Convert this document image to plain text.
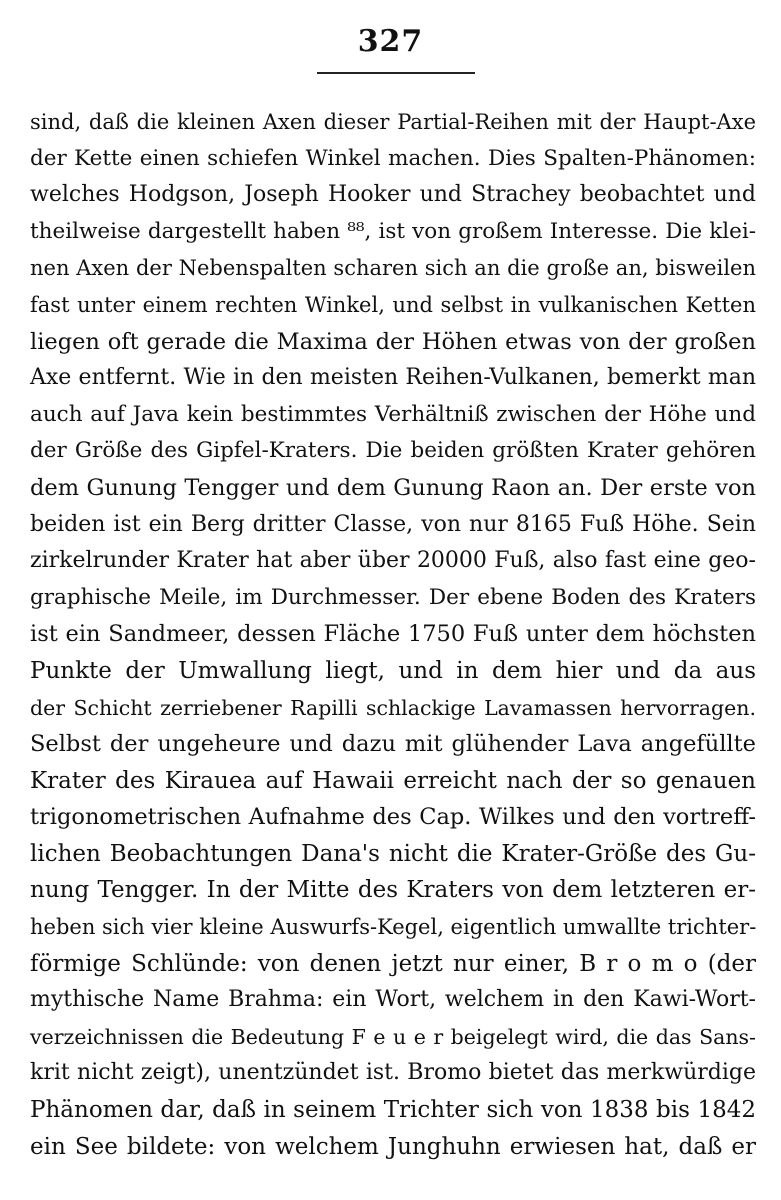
327
sind, daß die kleinen Axen dieser Partial-Reihen mit der Haupt-Axe
der Kette einen schiefen Winkel machen. Dies Spalten-Phänomen:
welches Hodgson, Joseph Hooker und Strachey beobachtet und
theilweise dargestellt haben ⁸⁸, ist von großem Interesse. Die klei-
nen Axen der Nebenspalten scharen sich an die große an, bisweilen
fast unter einem rechten Winkel, und selbst in vulkanischen Ketten
liegen oft gerade die Maxima der Höhen etwas von der großen
Axe entfernt. Wie in den meisten Reihen-Vulkanen, bemerkt man
auch auf Java kein bestimmtes Verhältniß zwischen der Höhe und
der Größe des Gipfel-Kraters. Die beiden größten Krater gehören
dem Gunung Tengger und dem Gunung Raon an. Der erste von
beiden ist ein Berg dritter Classe, von nur 8165 Fuß Höhe. Sein
zirkelrunder Krater hat aber über 20000 Fuß, also fast eine geo-
graphische Meile, im Durchmesser. Der ebene Boden des Kraters
ist ein Sandmeer, dessen Fläche 1750 Fuß unter dem höchsten
Punkte der Umwallung liegt, und in dem hier und da aus
der Schicht zerriebener Rapilli schlackige Lavamassen hervorragen.
Selbst der ungeheure und dazu mit glühender Lava angefüllte
Krater des Kiraueа auf Hawaii erreicht nach der so genauen
trigonometrischen Aufnahme des Cap. Wilkes und den vortreff-
lichen Beobachtungen Dana's nicht die Krater-Größe des Gu-
nung Tengger. In der Mitte des Kraters von dem letzteren er-
heben sich vier kleine Auswurfs-Kegel, eigentlich umwallte trichter-
förmige Schlünde: von denen jetzt nur einer, B r o m o (der
mythische Name Brahma: ein Wort, welchem in den Kawi-Wort-
verzeichnissen die Bedeutung F e u e r beigelegt wird, die das Sans-
krit nicht zeigt), unentzündet ist. Bromo bietet das merkwürdige
Phänomen dar, daß in seinem Trichter sich von 1838 bis 1842
ein See bildete: von welchem Junghuhn erwiesen hat, daß er
